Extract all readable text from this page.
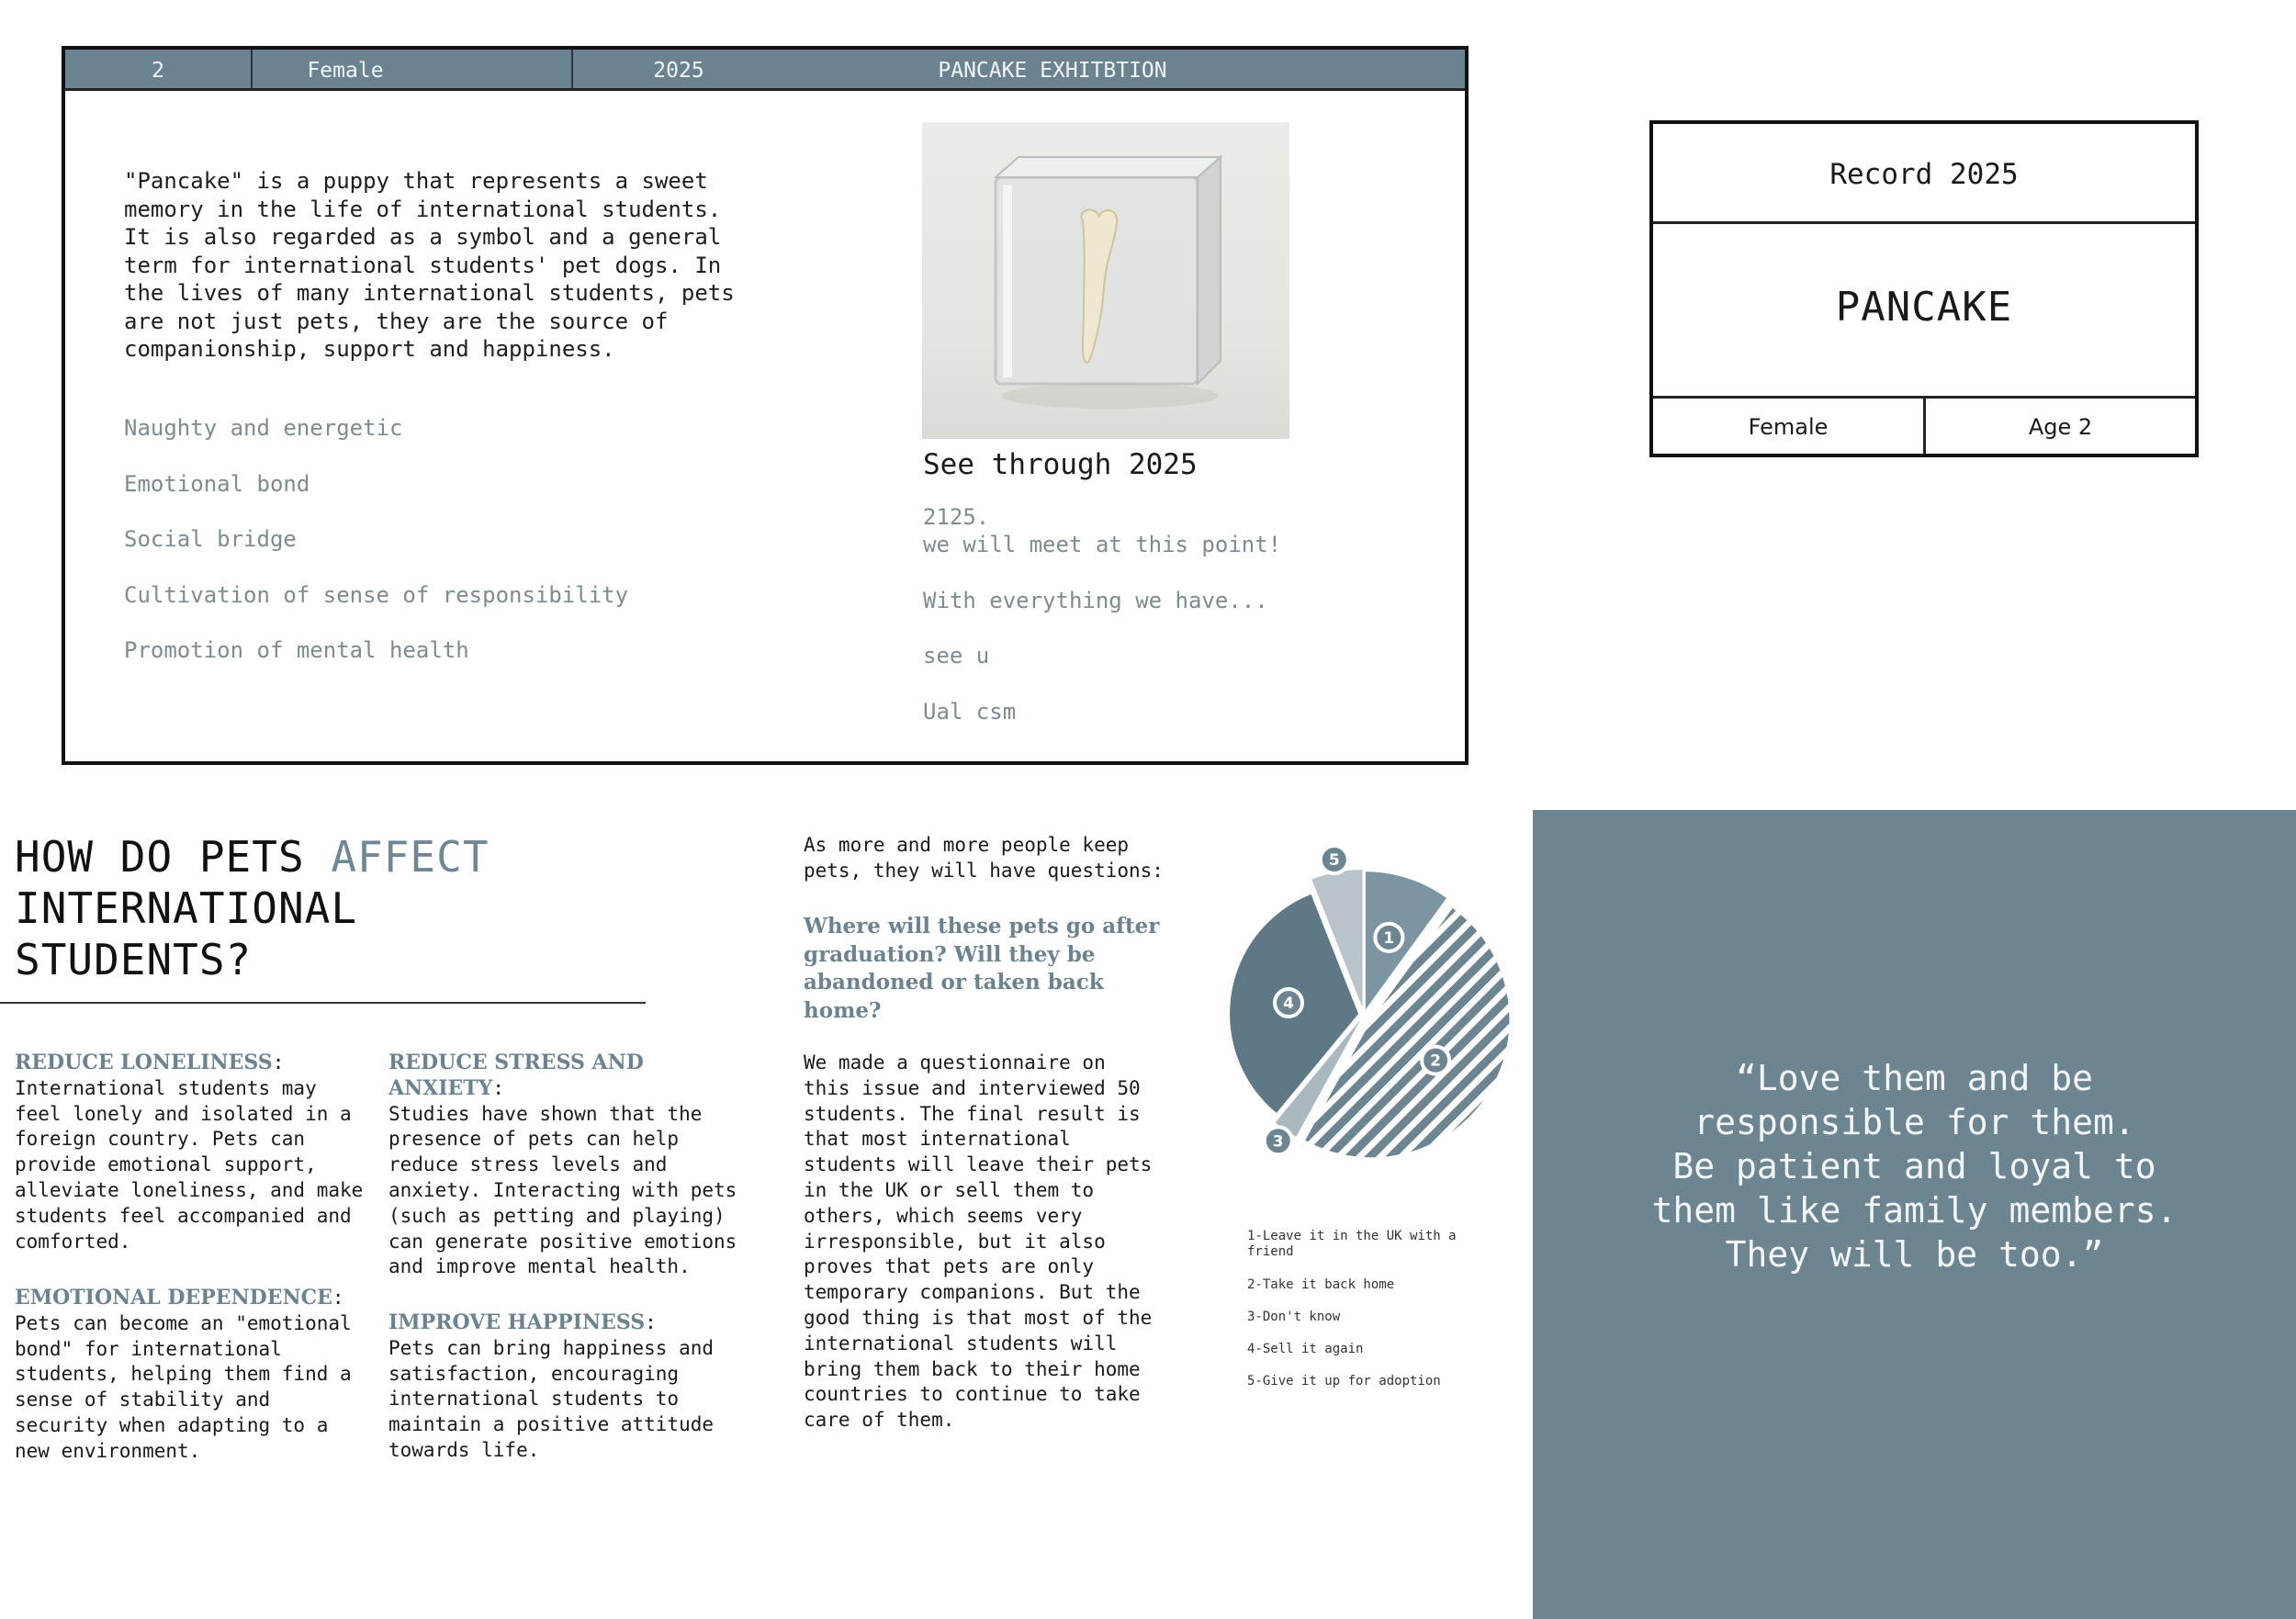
2	Female	2025	PANCAKE EXHITBTION
"Pancake" is a puppy that represents a sweet memory in the life of international students. It is also regarded as a symbol and a general term for international students' pet dogs. In the lives of many international students, pets are not just pets, they are the source of companionship, support and happiness.
Naughty and energetic
Emotional bond
Social bridge
Cultivation of sense of responsibility
Promotion of mental health
See through 2025
2125.
we will meet at this point!
With everything we have...
see u
Ual csm
Record 2025
PANCAKE
Female	Age 2
HOW DO PETS AFFECT
INTERNATIONAL
STUDENTS?
REDUCE LONELINESS:
International students may feel lonely and isolated in a foreign country. Pets can provide emotional support, alleviate loneliness, and make students feel accompanied and comforted.
EMOTIONAL DEPENDENCE:
Pets can become an "emotional bond" for international students, helping them find a sense of stability and security when adapting to a new environment.
REDUCE STRESS AND ANXIETY:
Studies have shown that the presence of pets can help reduce stress levels and anxiety. Interacting with pets (such as petting and playing) can generate positive emotions and improve mental health.
IMPROVE HAPPINESS:
Pets can bring happiness and satisfaction, encouraging international students to maintain a positive attitude towards life.
As more and more people keep pets, they will have questions:
Where will these pets go after graduation? Will they be abandoned or taken back home?
We made a questionnaire on this issue and interviewed 50 students. The final result is that most international students will leave their pets in the UK or sell them to others, which seems very irresponsible, but it also proves that pets are only temporary companions. But the good thing is that most of the international students will bring them back to their home countries to continue to take care of them.
1
2
3
4
5
1-Leave it in the UK with a friend
2-Take it back home
3-Don't know
4-Sell it again
5-Give it up for adoption
“Love them and be
responsible for them.
Be patient and loyal to
them like family members.
They will be too.”
